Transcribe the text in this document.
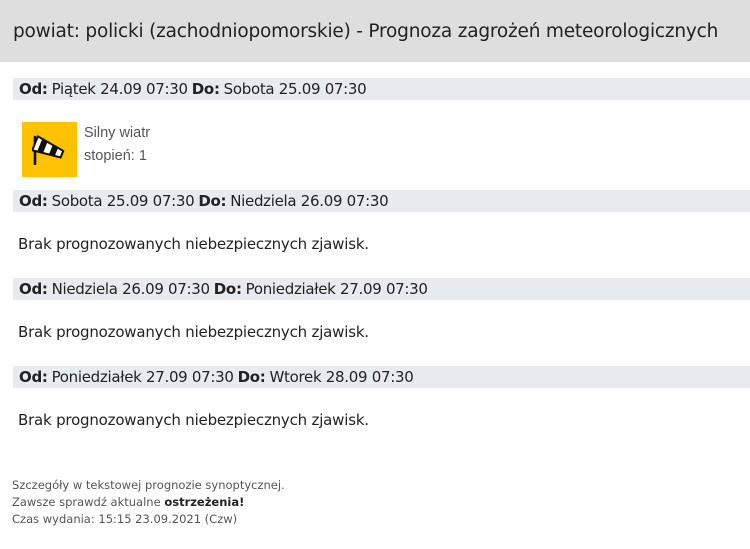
powiat: policki (zachodniopomorskie) - Prognoza zagrożeń meteorologicznych
Od: Piątek 24.09 07:30 Do: Sobota 25.09 07:30
Silny wiatr
stopień: 1
Od: Sobota 25.09 07:30 Do: Niedziela 26.09 07:30
Brak prognozowanych niebezpiecznych zjawisk.
Od: Niedziela 26.09 07:30 Do: Poniedziałek 27.09 07:30
Brak prognozowanych niebezpiecznych zjawisk.
Od: Poniedziałek 27.09 07:30 Do: Wtorek 28.09 07:30
Brak prognozowanych niebezpiecznych zjawisk.
Szczegóły w tekstowej prognozie synoptycznej.
Zawsze sprawdź aktualne ostrzeżenia!
Czas wydania: 15:15 23.09.2021 (Czw)
